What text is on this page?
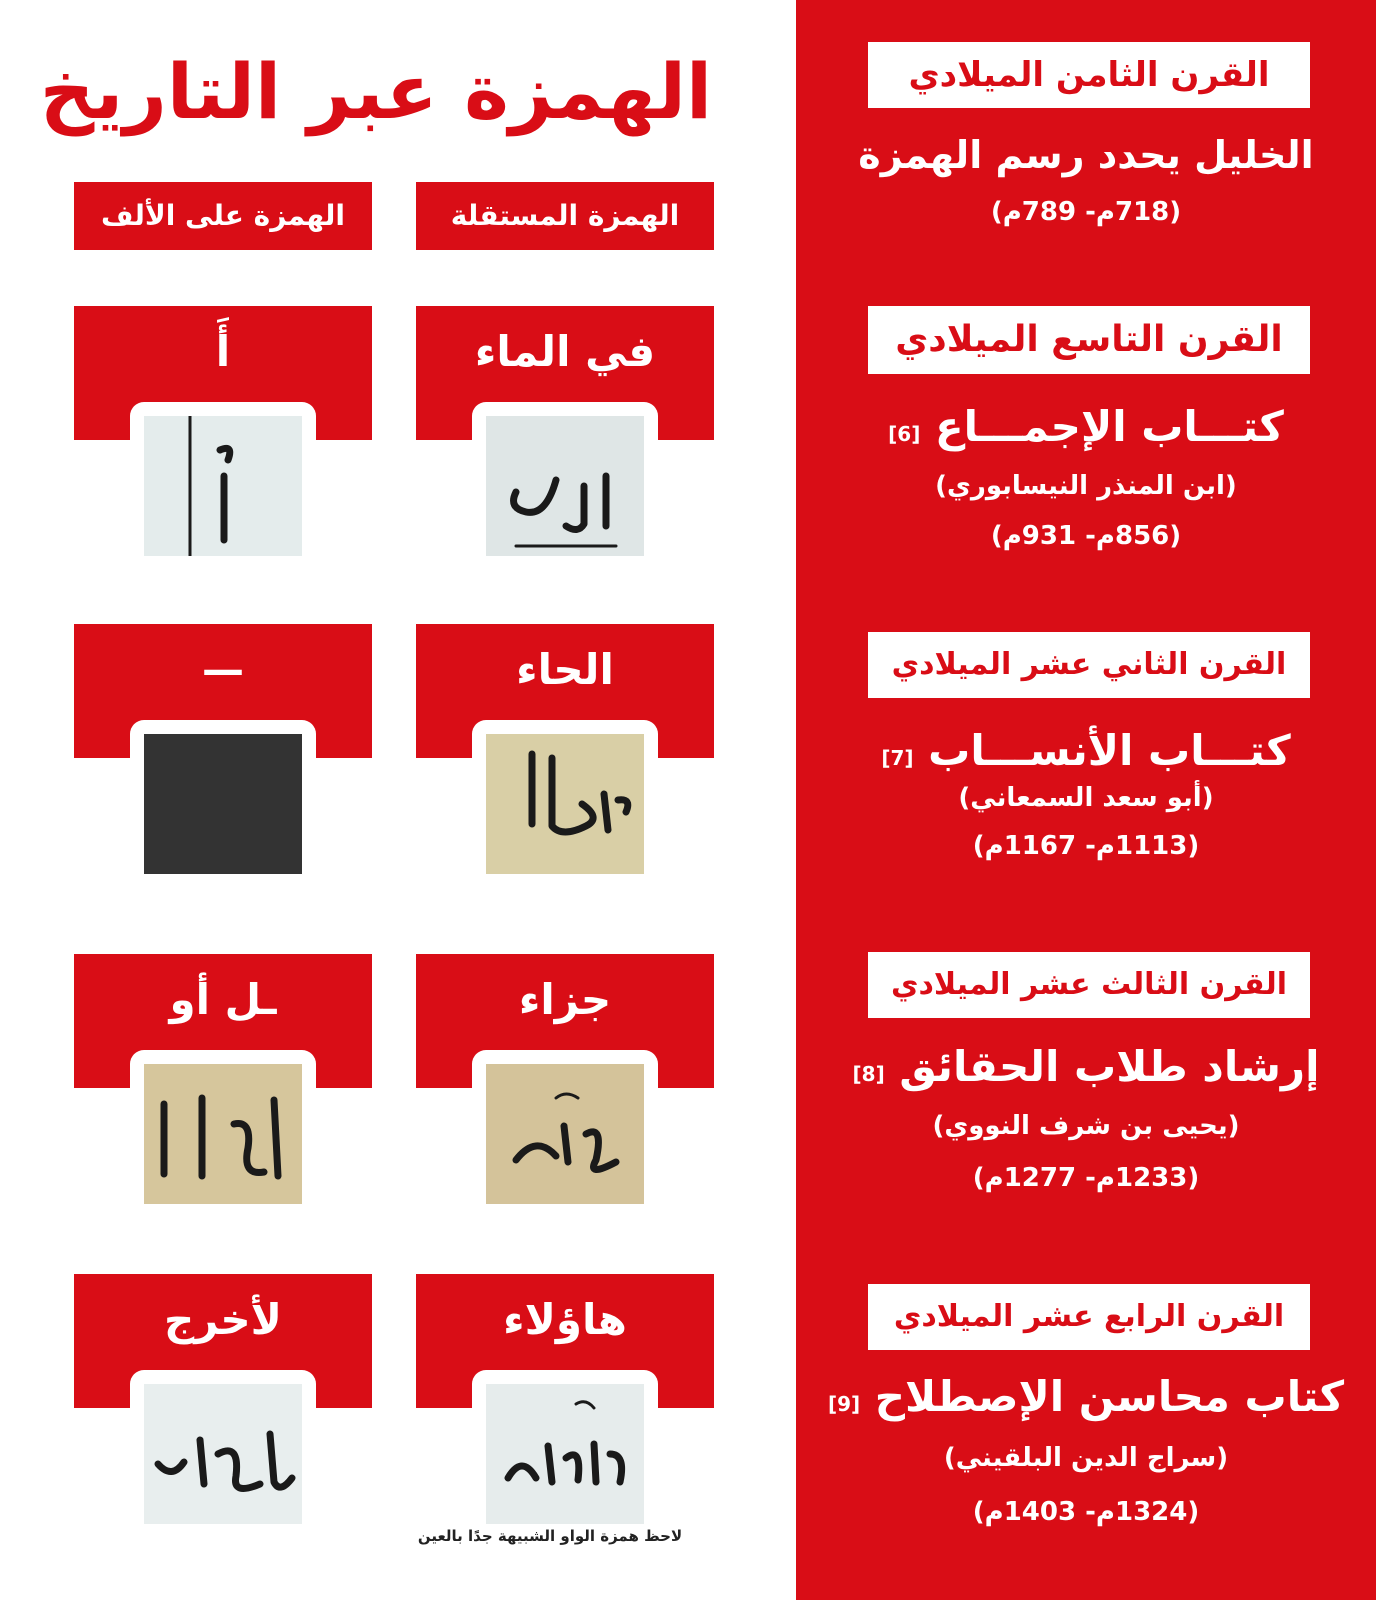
القرن الثامن الميلادي
الخليل يحدد رسم الهمزة
(718م- 789م)
القرن التاسع الميلادي
كتـــاب الإجمـــاع [6]
(ابن المنذر النيسابوري)
(856م- 931م)
القرن الثاني عشر الميلادي
كتـــاب الأنســـاب [7]
(أبو سعد السمعاني)
(1113م- 1167م)
القرن الثالث عشر الميلادي
إرشاد طلاب الحقائق [8]
(يحيى بن شرف النووي)
(1233م- 1277م)
القرن الرابع عشر الميلادي
كتاب محاسن الإصطلاح [9]
(سراج الدين البلقيني)
(1324م- 1403م)
الهمزة عبر التاريخ
الهمزة المستقلة
الهمزة على الألف
في الماء
أَ
الحاء
—
جزاء
ـل أو
هاؤلاء
لأخرج
لاحظ همزة الواو الشبيهة جدًا بالعين
